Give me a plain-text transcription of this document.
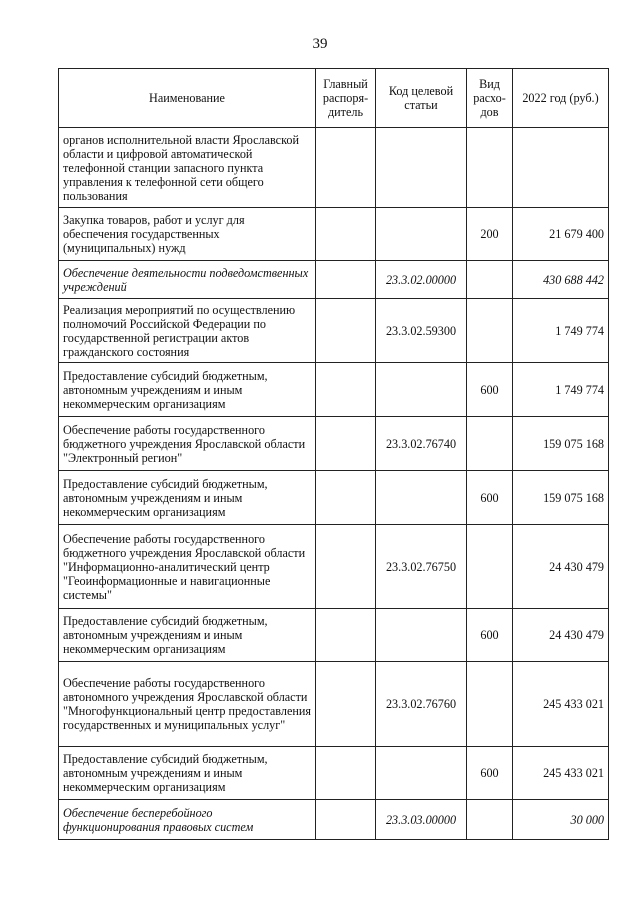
39
Наименование	Главный распоря-дитель	Код целевой статьи	Вид расхо-дов	2022 год (руб.)
органов исполнительной власти Ярославской области и цифровой автоматической телефонной станции запасного пункта управления к телефонной сети общего пользования				
Закупка товаров, работ и услуг для обеспечения государственных (муниципальных) нужд			200	21 679 400
Обеспечение деятельности подведомственных учреждений		23.3.02.00000		430 688 442
Реализация мероприятий по осуществлению полномочий Российской Федерации по государственной регистрации актов гражданского состояния		23.3.02.59300		1 749 774
Предоставление субсидий бюджетным, автономным учреждениям и иным некоммерческим организациям			600	1 749 774
Обеспечение работы государственного бюджетного учреждения Ярославской области "Электронный регион"		23.3.02.76740		159 075 168
Предоставление субсидий бюджетным, автономным учреждениям и иным некоммерческим организациям			600	159 075 168
Обеспечение работы государственного бюджетного учреждения Ярославской области "Информационно-аналитический центр "Геоинформационные и навигационные системы"		23.3.02.76750		24 430 479
Предоставление субсидий бюджетным, автономным учреждениям и иным некоммерческим организациям			600	24 430 479
Обеспечение работы государственного автономного учреждения Ярославской области "Многофункциональный центр предоставления государственных и муниципальных услуг"		23.3.02.76760		245 433 021
Предоставление субсидий бюджетным, автономным учреждениям и иным некоммерческим организациям			600	245 433 021
Обеспечение бесперебойного функционирования правовых систем		23.3.03.00000		30 000
